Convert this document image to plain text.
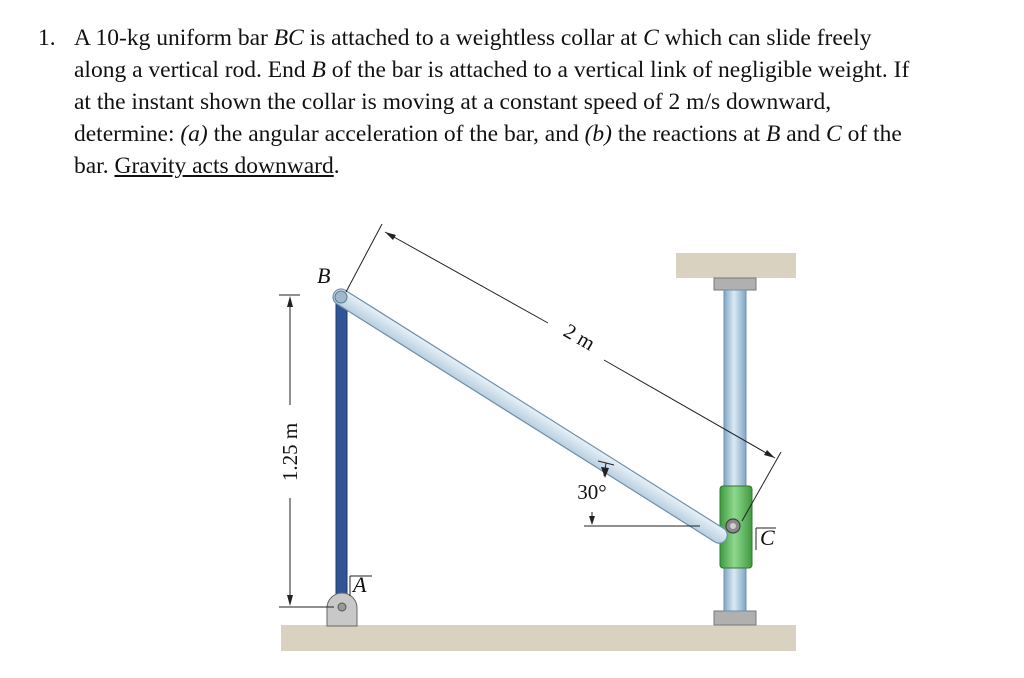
1. A 10-kg uniform bar BC is attached to a weightless collar at C which can slide freely
along a vertical rod. End B of the bar is attached to a vertical link of negligible weight. If
at the instant shown the collar is moving at a constant speed of 2 m/s downward,
determine: (a) the angular acceleration of the bar, and (b) the reactions at B and C of the
bar. Gravity acts downward.
2 m
1.25 m
30°
B
A
C
